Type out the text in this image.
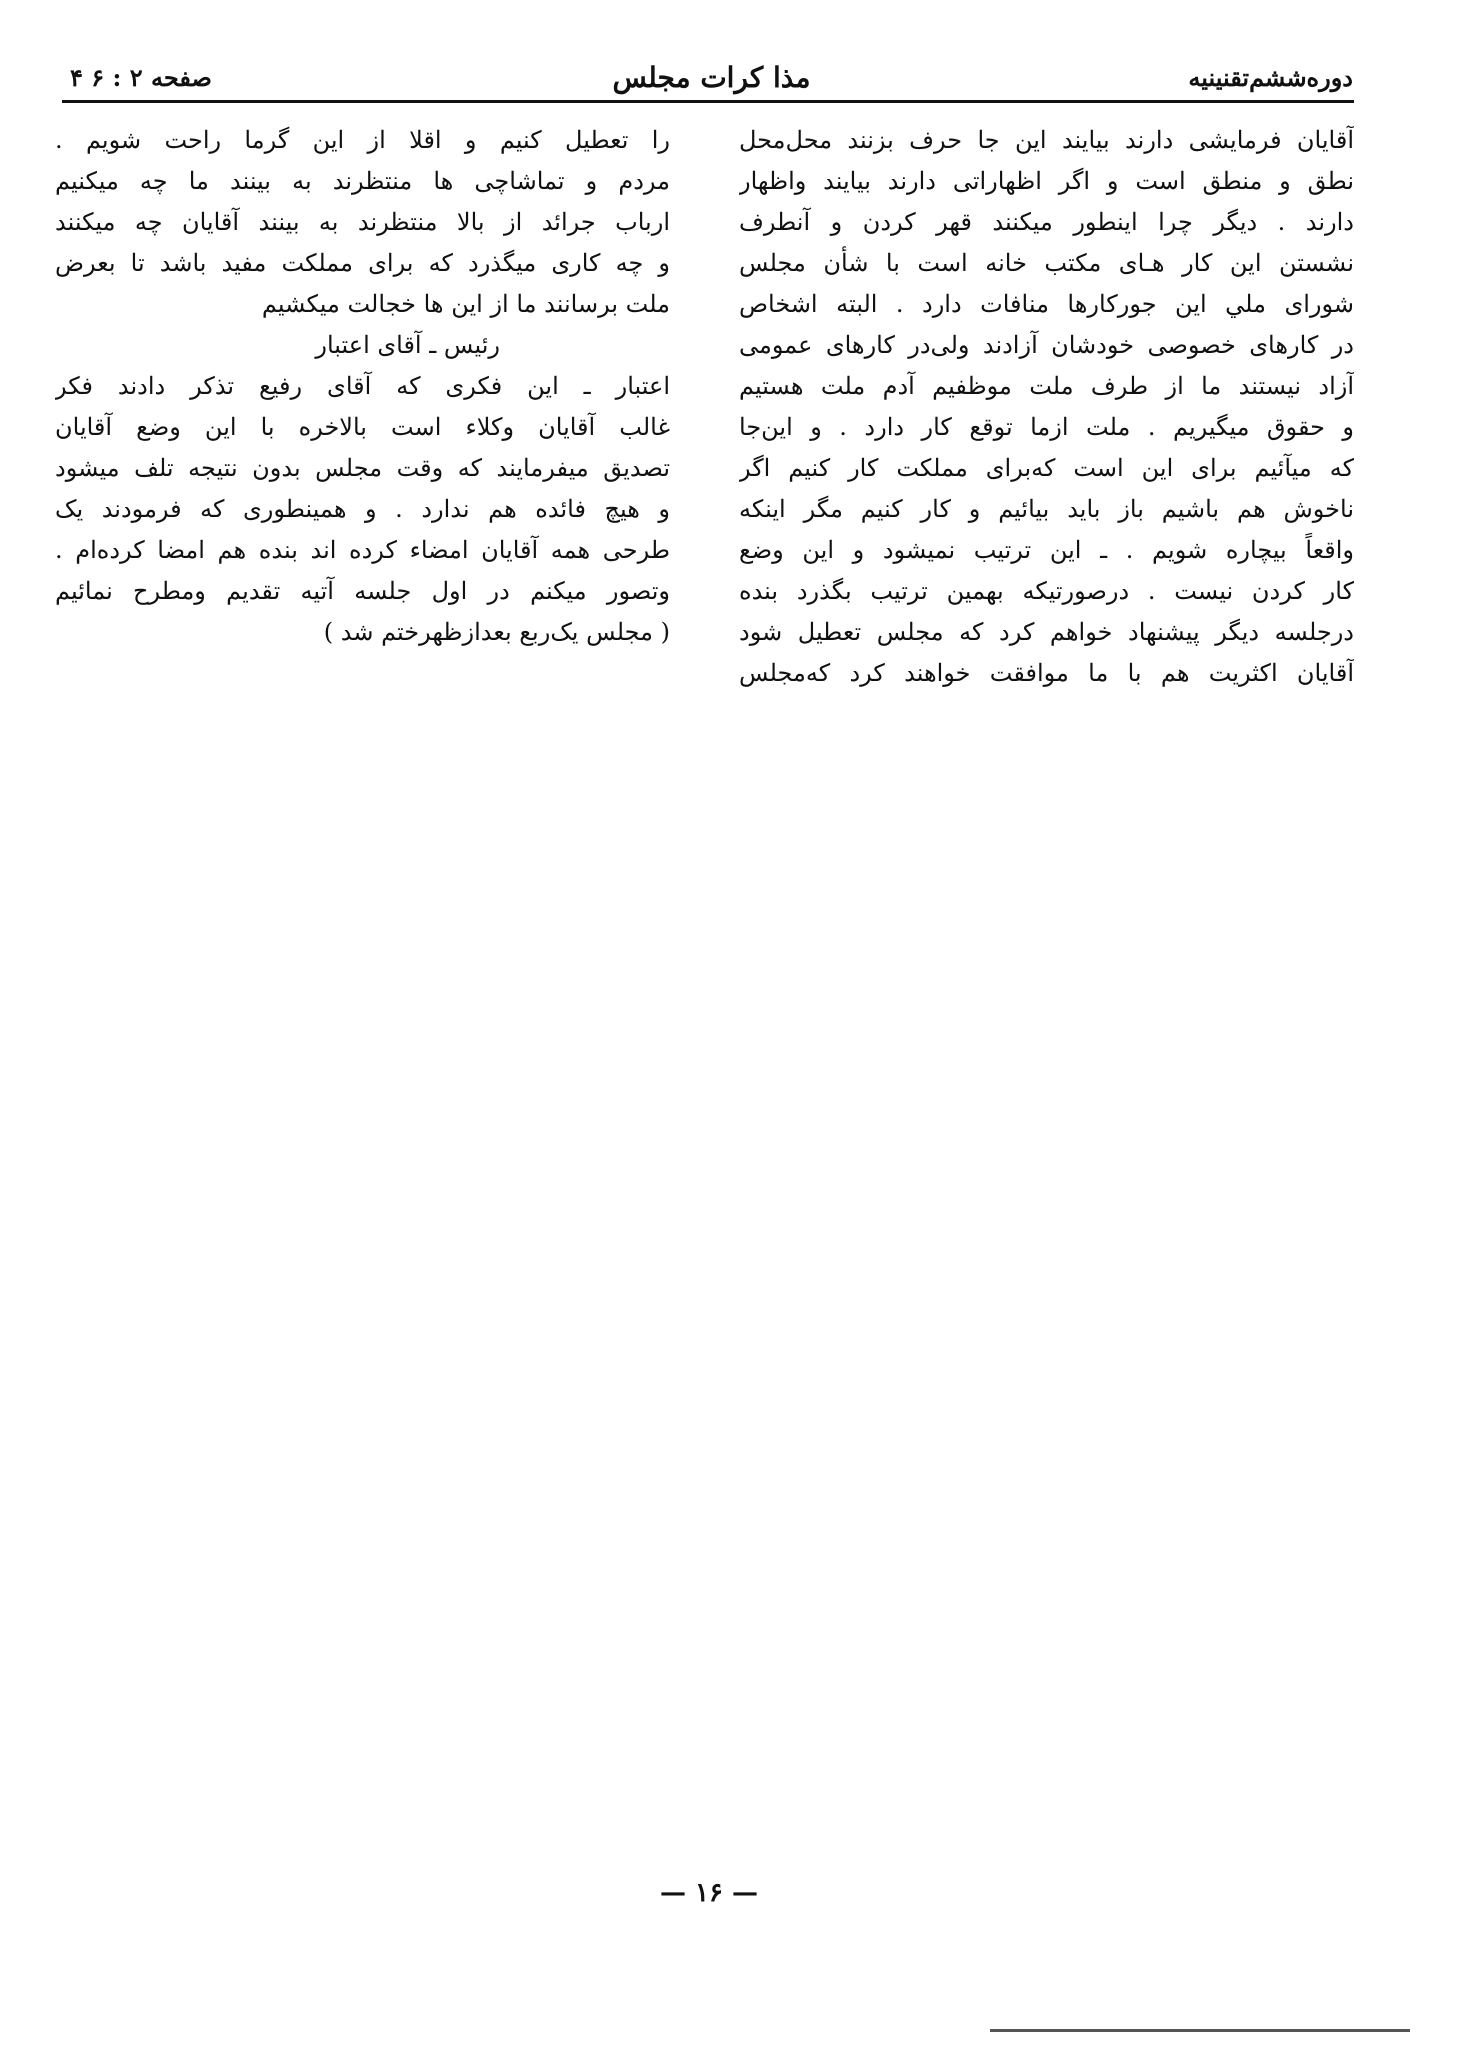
دوره‌ششم‌تقنینیه
مذا کرات مجلس
صفحه ۲ : ۶ ۴

آقایان فرمایشی دارند بیایند این جا حرف بزنند محل‌محل
نطق و منطق است و اگر اظهاراتی دارند بیایند واظهار
دارند . دیگر چرا اینطور میکنند قهر کردن و آنطرف
نشستن این کار هـای مکتب خانه است با شأن مجلس
شورای ملي این جورکارها منافات دارد . البته اشخاص
در کارهای خصوصی خودشان آزادند ولی‌در کارهای عمومی
آزاد نیستند ما از طرف ملت موظفیم آدم ملت هستیم
و حقوق میگیریم . ملت ازما توقع کار دارد . و این‌جا
که میآئیم برای این است که‌برای مملکت کار کنیم اگر
ناخوش هم باشیم باز باید بیائیم و کار کنیم مگر اینکه
واقعاً بیچاره شویم . ـ این ترتیب نمیشود و این وضع
کار کردن نیست . درصورتیکه بهمین ترتیب بگذرد بنده
درجلسه دیگر پیشنهاد خواهم کرد که مجلس تعطیل شود
آقایان اکثریت هم با ما موافقت خواهند کرد که‌مجلس

را تعطیل کنیم و اقلا از این گرما راحت شویم .
مردم و تماشاچی ها منتظرند به بینند ما چه میکنیم
ارباب جرائد از بالا منتظرند به بینند آقایان چه میکنند
و چه کاری میگذرد که برای مملکت مفید باشد تا بعرض
ملت برسانند ما از این ها خجالت میکشیم

رئیس ـ آقای اعتبار

اعتبار ـ این فکری که آقای رفیع تذکر دادند فکر
غالب آقایان وکلاء است بالاخره با این وضع آقایان
تصدیق میفرمایند که وقت مجلس بدون نتیجه تلف میشود
و هیچ فائده هم ندارد . و همینطوری که فرمودند یک
طرحی همه آقایان امضاء کرده اند بنده هم امضا کرده‌ام .
وتصور میکنم در اول جلسه آتیه تقدیم ومطرح نمائیم

( مجلس یک‌ربع بعدازظهرختم شد )
— ۱۶ —
